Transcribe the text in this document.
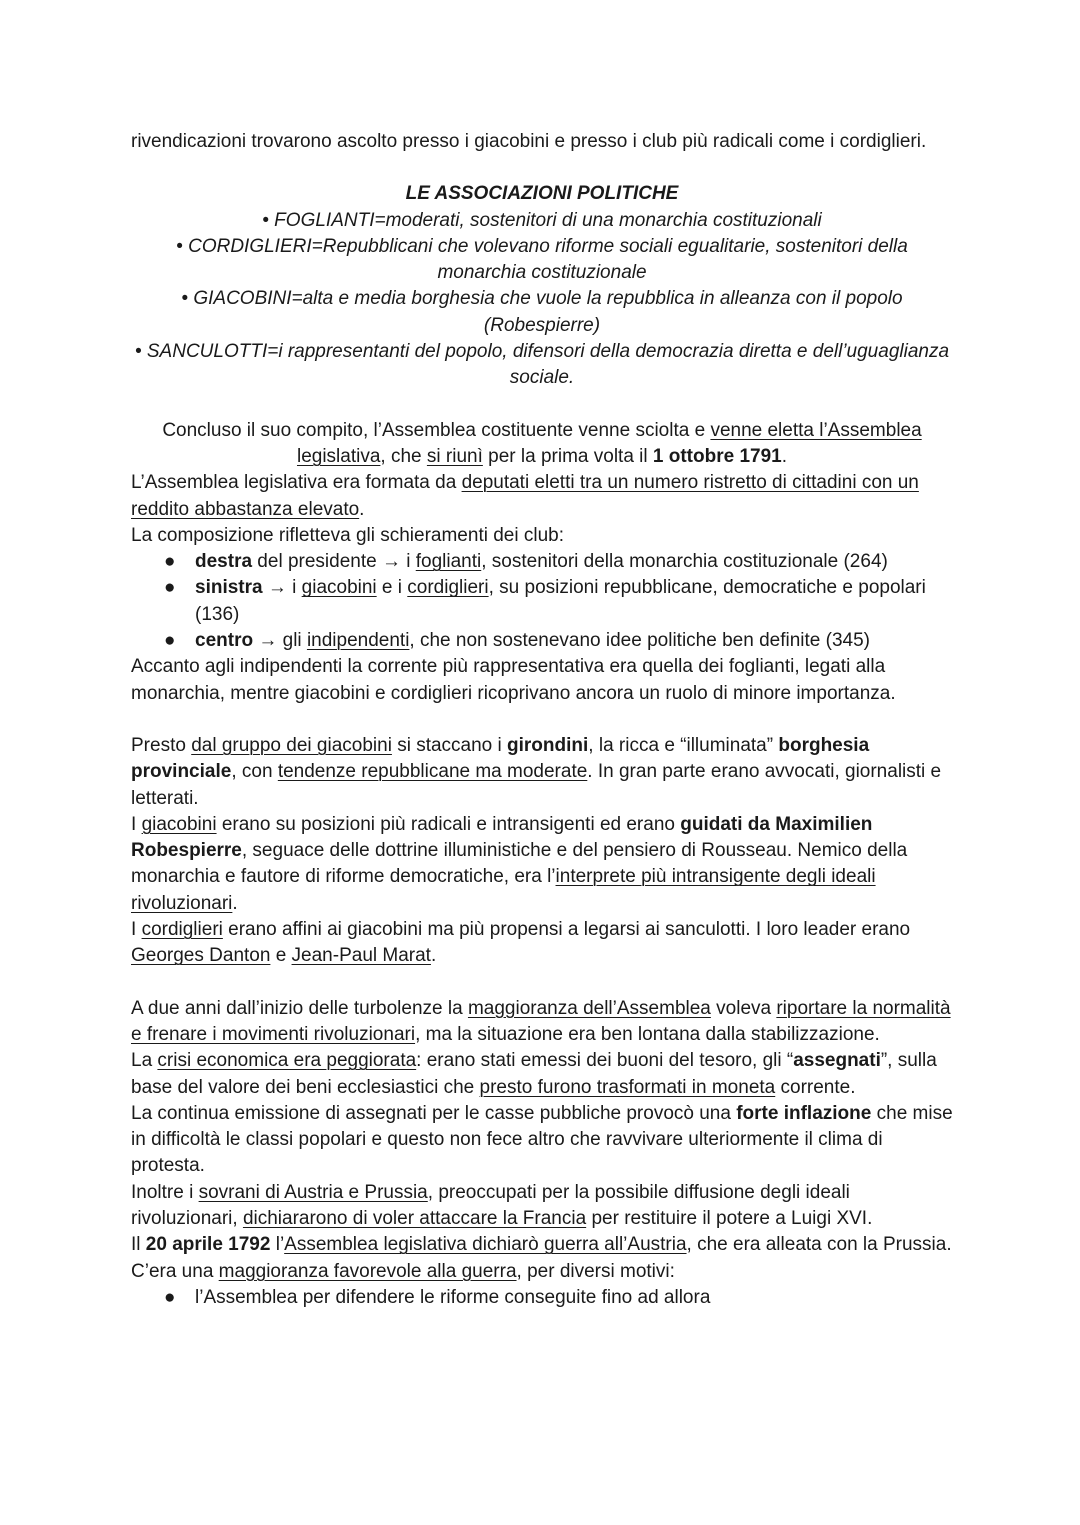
rivendicazioni trovarono ascolto presso i giacobini e presso i club più radicali come i cordiglieri.

LE ASSOCIAZIONI POLITICHE
• FOGLIANTI=moderati, sostenitori di una monarchia costituzionali
• CORDIGLIERI=Repubblicani che volevano riforme sociali egualitarie, sostenitori della monarchia costituzionale
• GIACOBINI=alta e media borghesia che vuole la repubblica in alleanza con il popolo (Robespierre)
• SANCULOTTI=i rappresentanti del popolo, difensori della democrazia diretta e dell’uguaglianza sociale.

Concluso il suo compito, l’Assemblea costituente venne sciolta e venne eletta l’Assemblea legislativa, che si riunì per la prima volta il 1 ottobre 1791.

L’Assemblea legislativa era formata da deputati eletti tra un numero ristretto di cittadini con un reddito abbastanza elevato.

La composizione rifletteva gli schieramenti dei club:

● destra del presidente → i foglianti, sostenitori della monarchia costituzionale (264)
● sinistra → i giacobini e i cordiglieri, su posizioni repubblicane, democratiche e popolari (136)
● centro → gli indipendenti, che non sostenevano idee politiche ben definite (345)

Accanto agli indipendenti la corrente più rappresentativa era quella dei foglianti, legati alla monarchia, mentre giacobini e cordiglieri ricoprivano ancora un ruolo di minore importanza.

Presto dal gruppo dei giacobini si staccano i girondini, la ricca e “illuminata” borghesia provinciale, con tendenze repubblicane ma moderate. In gran parte erano avvocati, giornalisti e letterati.

I giacobini erano su posizioni più radicali e intransigenti ed erano guidati da Maximilien Robespierre, seguace delle dottrine illuministiche e del pensiero di Rousseau. Nemico della monarchia e fautore di riforme democratiche, era l’interprete più intransigente degli ideali rivoluzionari.

I cordiglieri erano affini ai giacobini ma più propensi a legarsi ai sanculotti. I loro leader erano Georges Danton e Jean-Paul Marat.

A due anni dall’inizio delle turbolenze la maggioranza dell’Assemblea voleva riportare la normalità e frenare i movimenti rivoluzionari, ma la situazione era ben lontana dalla stabilizzazione.

La crisi economica era peggiorata: erano stati emessi dei buoni del tesoro, gli “assegnati”, sulla base del valore dei beni ecclesiastici che presto furono trasformati in moneta corrente.

La continua emissione di assegnati per le casse pubbliche provocò una forte inflazione che mise in difficoltà le classi popolari e questo non fece altro che ravvivare ulteriormente il clima di protesta.

Inoltre i sovrani di Austria e Prussia, preoccupati per la possibile diffusione degli ideali rivoluzionari, dichiararono di voler attaccare la Francia per restituire il potere a Luigi XVI.

Il 20 aprile 1792 l’Assemblea legislativa dichiarò guerra all’Austria, che era alleata con la Prussia. C’era una maggioranza favorevole alla guerra, per diversi motivi:

● l’Assemblea per difendere le riforme conseguite fino ad allora
